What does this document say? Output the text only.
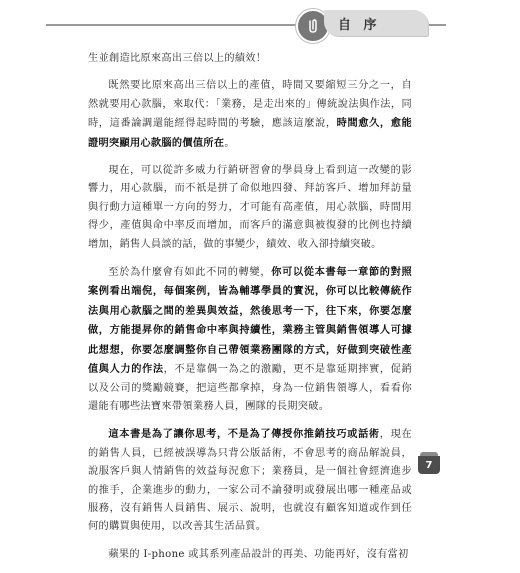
自 序

生並創造比原來高出三倍以上的績效！

既然要比原來高出三倍以上的產值，時間又要縮短三分之一，自然就要用心款腦，來取代：「業務，是走出來的」傳統說法與作法，同時，這番論調還能經得起時間的考驗，應該這麼說，時間愈久，愈能證明突顯用心款腦的價值所在。

現在，可以從許多威力行銷研習會的學員身上看到這一改變的影響力，用心款腦，而不祇是拼了命似地四發、拜訪客戶、增加拜訪量與行動力這種單一方向的努力，才可能有高產值，用心款腦，時間用得少，產值與命中率反而增加，而客戶的滿意與被復發的比例也持續增加，銷售人員談的話，做的事變少，績效、收入卻持續突破。

至於為什麼會有如此不同的轉變，你可以從本書每一章節的對照案例看出端倪，每個案例，皆為輔導學員的實況，你可以比較傳統作法與用心款腦之間的差異與效益，然後思考一下，往下來，你要怎麼做，方能提昇你的銷售命中率與持續性，業務主管與銷售領導人可據此想想，你要怎麼調整你自己帶領業務團隊的方式，好做到突破性產值與人力的作法，不是靠偶一為之的激勵，更不是靠延期摔實，促銷以及公司的獎勵競賽，把這些都拿掉，身為一位銷售領導人，看看你還能有哪些法寶來帶領業務人員，團隊的長期突破。

這本書是為了讓你思考，不是為了傳授你推銷技巧或話術，現在的銷售人員，已經被誤導為只背公版話術，不會思考的商品解說員，說服客戶與人情銷售的效益每況愈下；業務員，是一個社會經濟進步的推手，企業進步的動力，一家公司不論發明或發展出哪一種產品或服務，沒有銷售人員銷售、展示、說明，也就沒有顧客知道或作到任何的購買與使用，以改善其生活品質。

蘋果的 I-phone 或其系列產品設計的再美、功能再好，沒有當初

7
